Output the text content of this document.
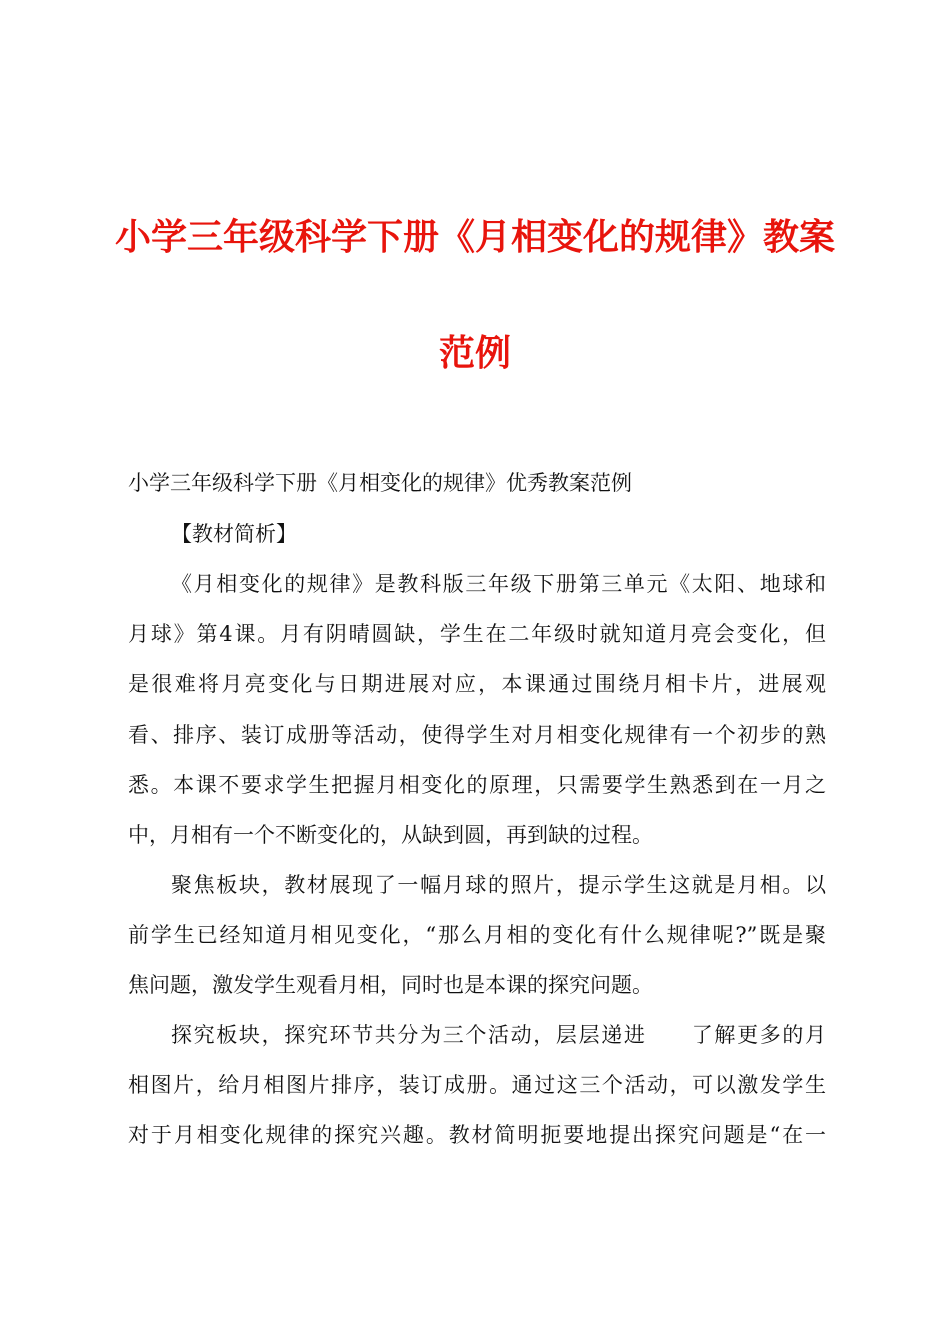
小学三年级科学下册《月相变化的规律》教案
范例
小学三年级科学下册《月相变化的规律》优秀教案范例
【教材简析】
《月相变化的规律》是教科版三年级下册第三单元《太阳、地球和
月球》第4课。月有阴晴圆缺，学生在二年级时就知道月亮会变化，但
是很难将月亮变化与日期进展对应，本课通过围绕月相卡片，进展观
看、排序、装订成册等活动，使得学生对月相变化规律有一个初步的熟
悉。本课不要求学生把握月相变化的原理，只需要学生熟悉到在一月之
中，月相有一个不断变化的，从缺到圆，再到缺的过程。
聚焦板块，教材展现了一幅月球的照片，提示学生这就是月相。以
前学生已经知道月相见变化，“那么月相的变化有什么规律呢?”既是聚
焦问题，激发学生观看月相，同时也是本课的探究问题。
探究板块，探究环节共分为三个活动，层层递进　　了解更多的月
相图片，给月相图片排序，装订成册。通过这三个活动，可以激发学生
对于月相变化规律的探究兴趣。教材简明扼要地提出探究问题是“在一
